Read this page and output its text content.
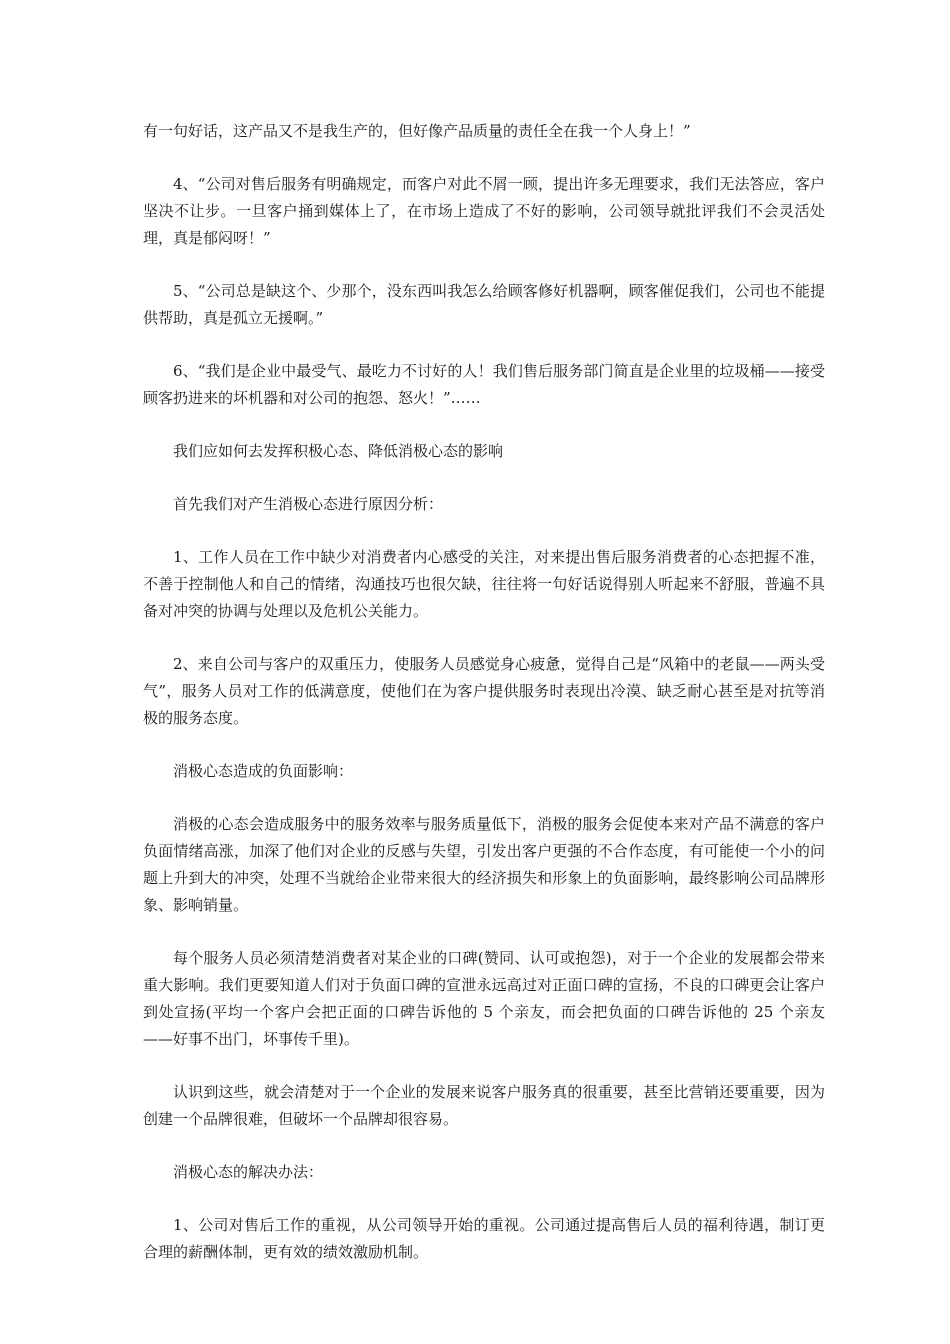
有一句好话，这产品又不是我生产的，但好像产品质量的责任全在我一个人身上！”

4、“公司对售后服务有明确规定，而客户对此不屑一顾，提出许多无理要求，我们无法答应，客户坚决不让步。一旦客户捅到媒体上了，在市场上造成了不好的影响，公司领导就批评我们不会灵活处理，真是郁闷呀！”

5、“公司总是缺这个、少那个，没东西叫我怎么给顾客修好机器啊，顾客催促我们，公司也不能提供帮助，真是孤立无援啊。”

6、“我们是企业中最受气、最吃力不讨好的人！我们售后服务部门简直是企业里的垃圾桶——接受顾客扔进来的坏机器和对公司的抱怨、怒火！”……

我们应如何去发挥积极心态、降低消极心态的影响

首先我们对产生消极心态进行原因分析：

1、工作人员在工作中缺少对消费者内心感受的关注，对来提出售后服务消费者的心态把握不准，不善于控制他人和自己的情绪，沟通技巧也很欠缺，往往将一句好话说得别人听起来不舒服，普遍不具备对冲突的协调与处理以及危机公关能力。

2、来自公司与客户的双重压力，使服务人员感觉身心疲惫，觉得自己是“风箱中的老鼠——两头受气”，服务人员对工作的低满意度，使他们在为客户提供服务时表现出冷漠、缺乏耐心甚至是对抗等消极的服务态度。

消极心态造成的负面影响：

消极的心态会造成服务中的服务效率与服务质量低下，消极的服务会促使本来对产品不满意的客户负面情绪高涨，加深了他们对企业的反感与失望，引发出客户更强的不合作态度，有可能使一个小的问题上升到大的冲突，处理不当就给企业带来很大的经济损失和形象上的负面影响，最终影响公司品牌形象、影响销量。

每个服务人员必须清楚消费者对某企业的口碑(赞同、认可或抱怨)，对于一个企业的发展都会带来重大影响。我们更要知道人们对于负面口碑的宣泄永远高过对正面口碑的宣扬，不良的口碑更会让客户到处宣扬(平均一个客户会把正面的口碑告诉他的 5 个亲友，而会把负面的口碑告诉他的 25 个亲友——好事不出门，坏事传千里)。

认识到这些，就会清楚对于一个企业的发展来说客户服务真的很重要，甚至比营销还要重要，因为创建一个品牌很难，但破坏一个品牌却很容易。

消极心态的解决办法：

1、公司对售后工作的重视，从公司领导开始的重视。公司通过提高售后人员的福利待遇，制订更合理的薪酬体制，更有效的绩效激励机制。
